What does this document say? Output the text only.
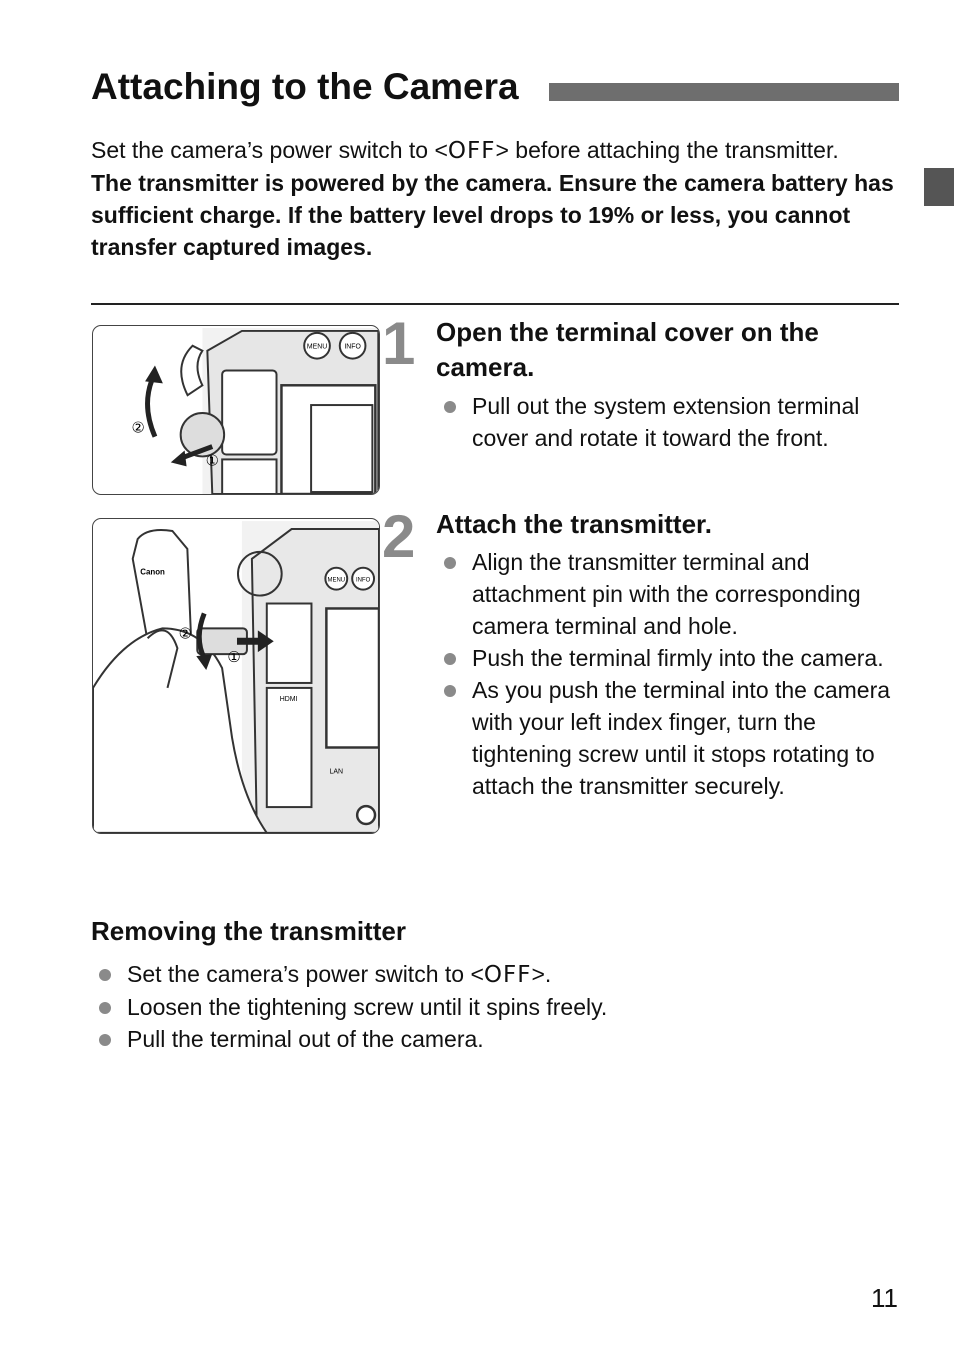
Attaching to the Camera

Set the camera’s power switch to <OFF> before attaching the transmitter.

The transmitter is powered by the camera. Ensure the camera battery has sufficient charge. If the battery level drops to 19% or less, you cannot transfer captured images.

MENU INFO
②
①
1 Open the terminal cover on the camera.
Pull out the system extension terminal cover and rotate it toward the front.
MENU INFO
HDMI
LAN
Canon
②
①
2 Attach the transmitter.
Align the transmitter terminal and attachment pin with the corresponding camera terminal and hole.
Push the terminal firmly into the camera.
As you push the terminal into the camera with your left index finger, turn the tightening screw until it stops rotating to attach the transmitter securely.
Removing the transmitter
Set the camera’s power switch to <OFF>.
Loosen the tightening screw until it spins freely.
Pull the terminal out of the camera.
11
